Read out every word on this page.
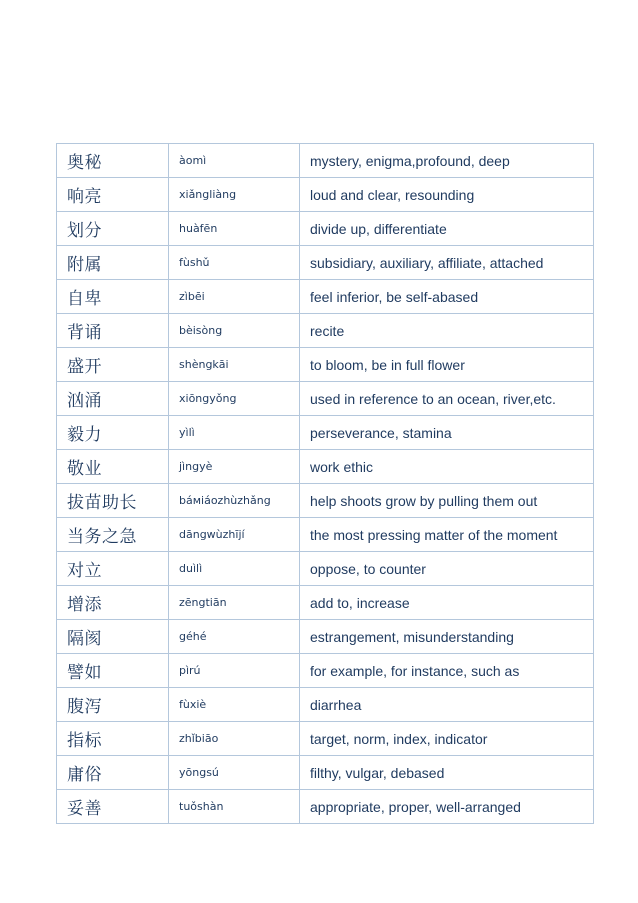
奥秘	àomì	mystery, enigma,profound, deep
响亮	xiǎngliàng	loud and clear, resounding
划分	huàfēn	divide up, differentiate
附属	fùshǔ	subsidiary, auxiliary, affiliate, attached
自卑	zìbēi	feel inferior, be self-abased
背诵	bèisòng	recite
盛开	shèngkāi	to bloom, be in full flower
汹涌	xiōngyǒng	used in reference to an ocean, river,etc.
毅力	yìlì	perseverance, stamina
敬业	jìngyè	work ethic
拔苗助长	báмiáozhùzhǎng	help shoots grow by pulling them out
当务之急	dāngwùzhījí	the most pressing matter of the moment
对立	duìlì	oppose, to counter
增添	zēngtiān	add to, increase
隔阂	géhé	estrangement, misunderstanding
譬如	pìrú	for example, for instance, such as
腹泻	fùxiè	diarrhea
指标	zhǐbiāo	target, norm, index, indicator
庸俗	yōngsú	filthy, vulgar, debased
妥善	tuǒshàn	appropriate, proper, well-arranged
